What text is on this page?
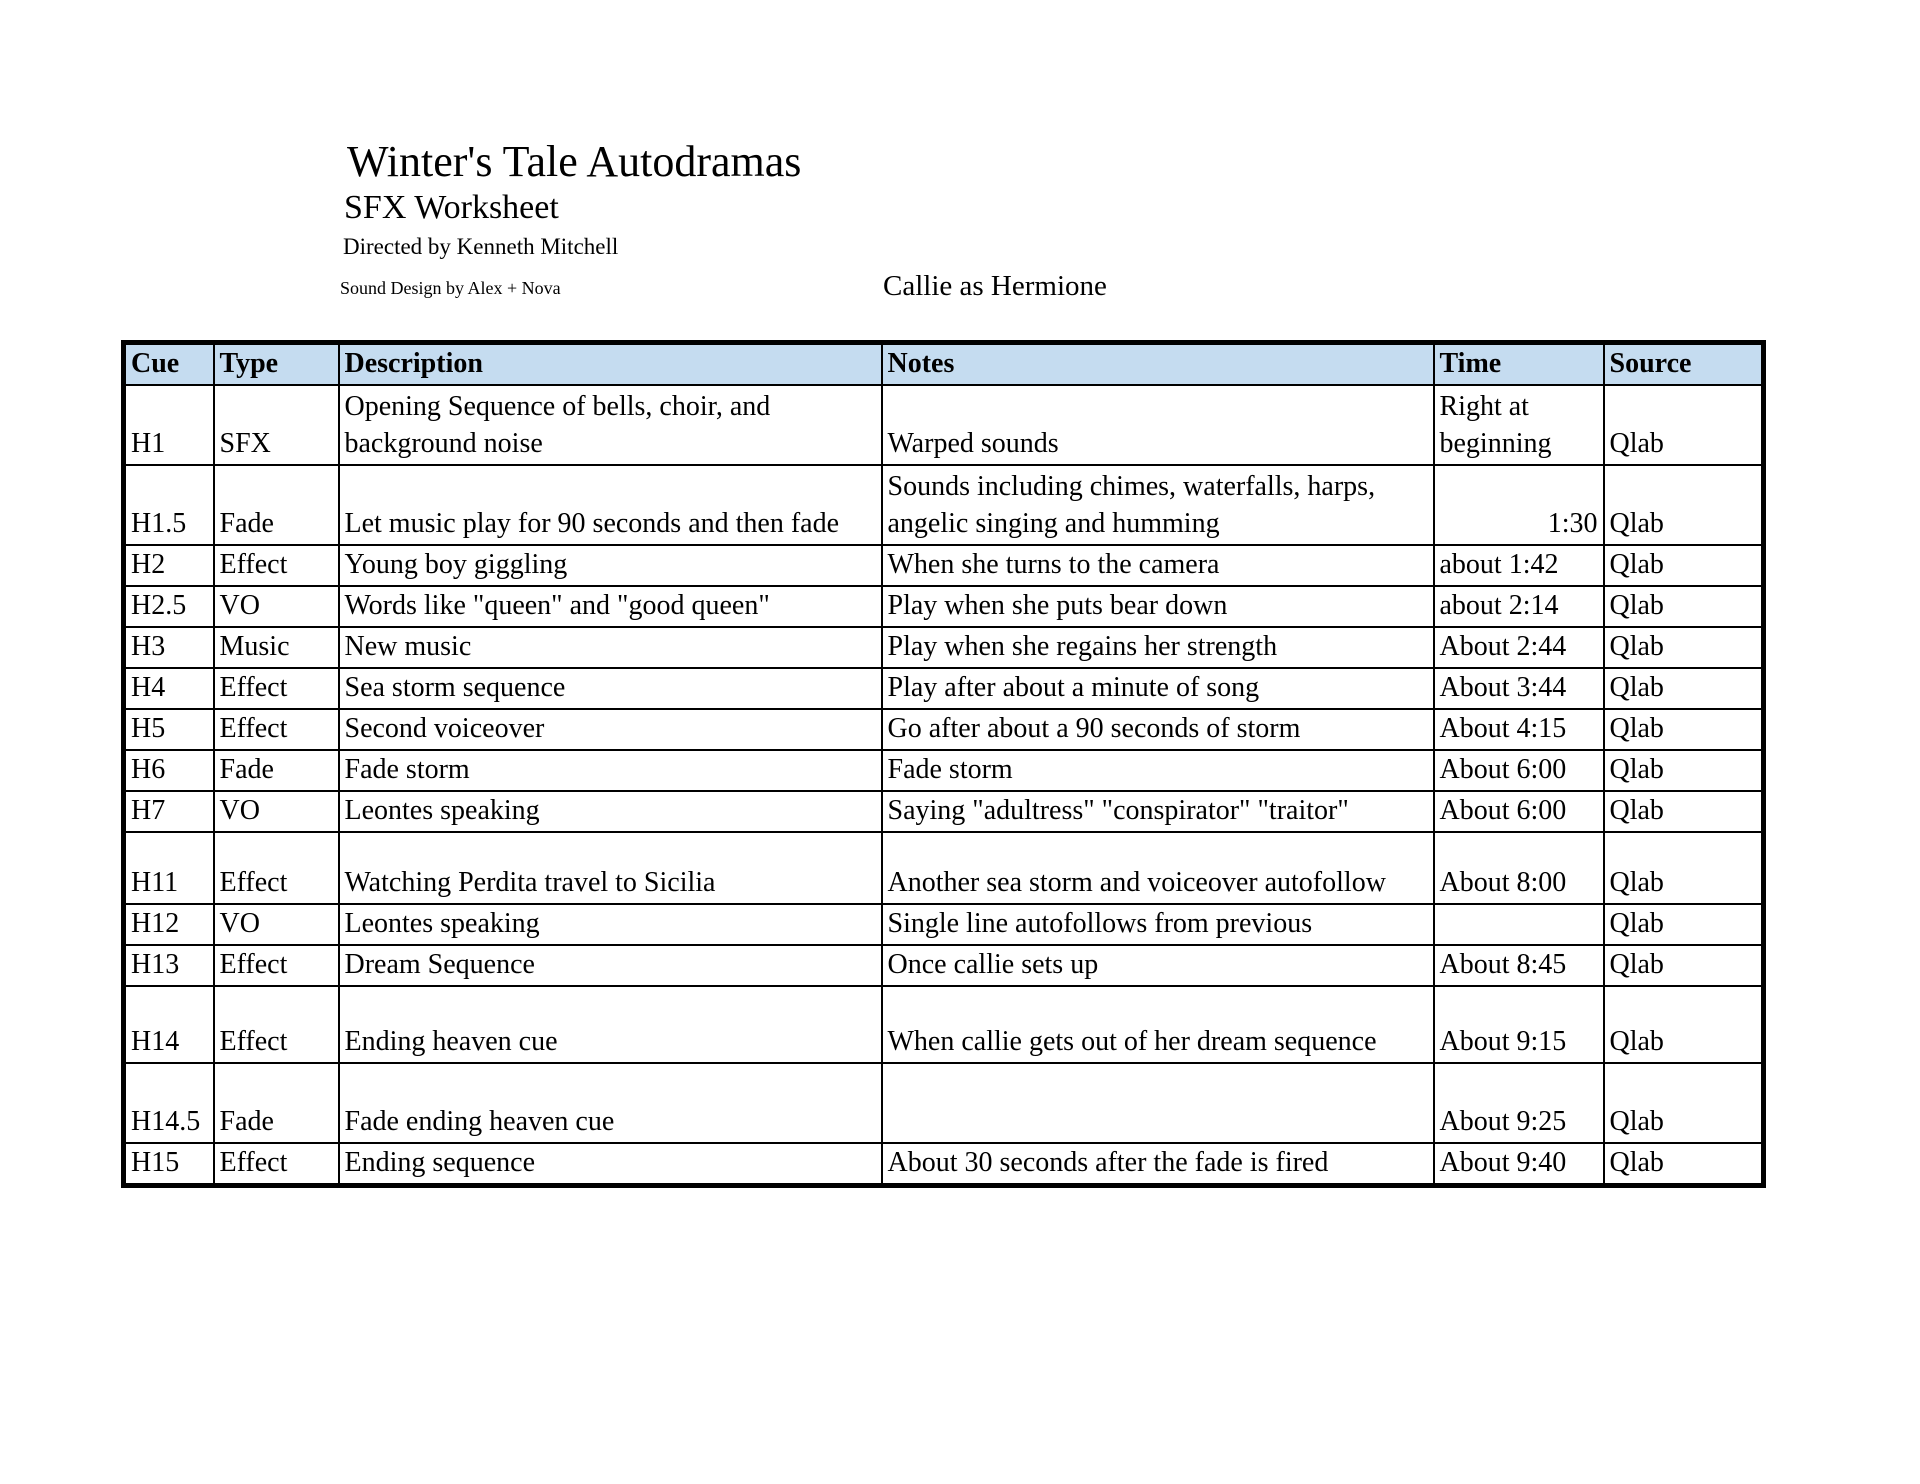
Winter's Tale Autodramas
SFX Worksheet
Directed by Kenneth Mitchell
Sound Design by Alex + Nova	Callie as Hermione
Cue	Type	Description	Notes	Time	Source
H1	SFX	Opening Sequence of bells, choir, and background noise	Warped sounds	Right at beginning	Qlab
H1.5	Fade	Let music play for 90 seconds and then fade	Sounds including chimes, waterfalls, harps, angelic singing and humming	1:30	Qlab
H2	Effect	Young boy giggling	When she turns to the camera	about 1:42	Qlab
H2.5	VO	Words like "queen" and "good queen"	Play when she puts bear down	about 2:14	Qlab
H3	Music	New music	Play when she regains her strength	About 2:44	Qlab
H4	Effect	Sea storm sequence	Play after about a minute of song	About 3:44	Qlab
H5	Effect	Second voiceover	Go after about a 90 seconds of storm	About 4:15	Qlab
H6	Fade	Fade storm	Fade storm	About 6:00	Qlab
H7	VO	Leontes speaking	Saying "adultress" "conspirator" "traitor"	About 6:00	Qlab
H11	Effect	Watching Perdita travel to Sicilia	Another sea storm and voiceover autofollow	About 8:00	Qlab
H12	VO	Leontes speaking	Single line autofollows from previous		Qlab
H13	Effect	Dream Sequence	Once callie sets up	About 8:45	Qlab
H14	Effect	Ending heaven cue	When callie gets out of her dream sequence	About 9:15	Qlab
H14.5	Fade	Fade ending heaven cue		About 9:25	Qlab
H15	Effect	Ending sequence	About 30 seconds after the fade is fired	About 9:40	Qlab
